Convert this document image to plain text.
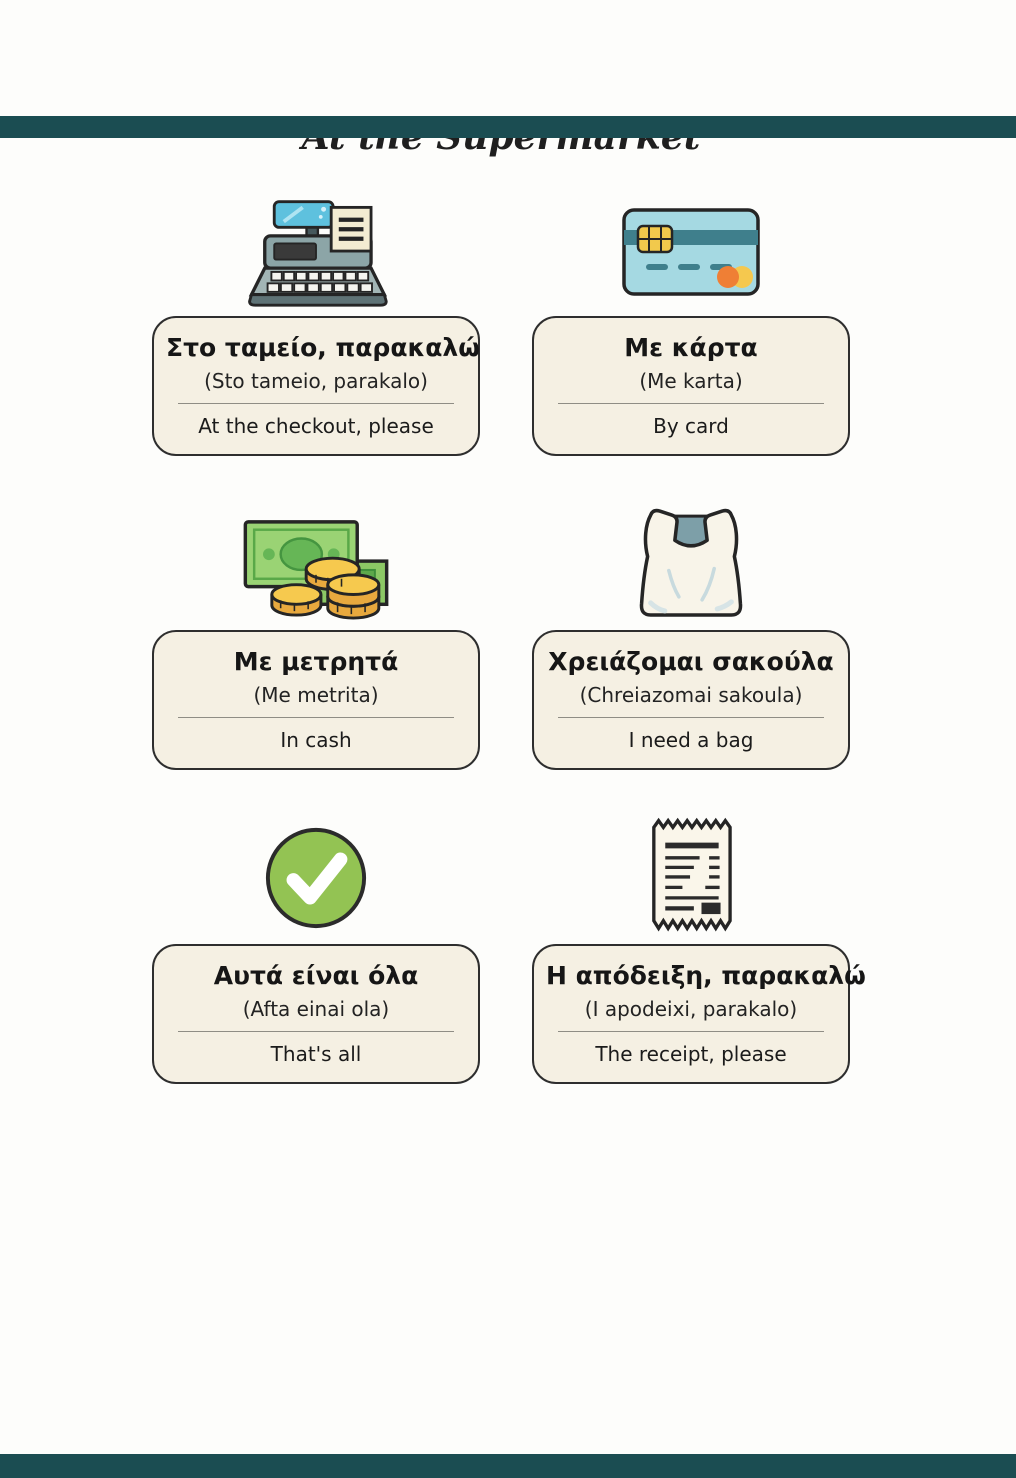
Στο ταμείο, παρακαλώ
(Sto tameio, parakalo)
At the checkout, please
Με κάρτα
(Me karta)
By card
Με μετρητά
(Me metrita)
In cash
Χρειάζομαι σακούλα
(Chreiazomai sakoula)
I need a bag
Αυτά είναι όλα
(Afta einai ola)
That's all
Η απόδειξη, παρακαλώ
(I apodeixi, parakalo)
The receipt, please
